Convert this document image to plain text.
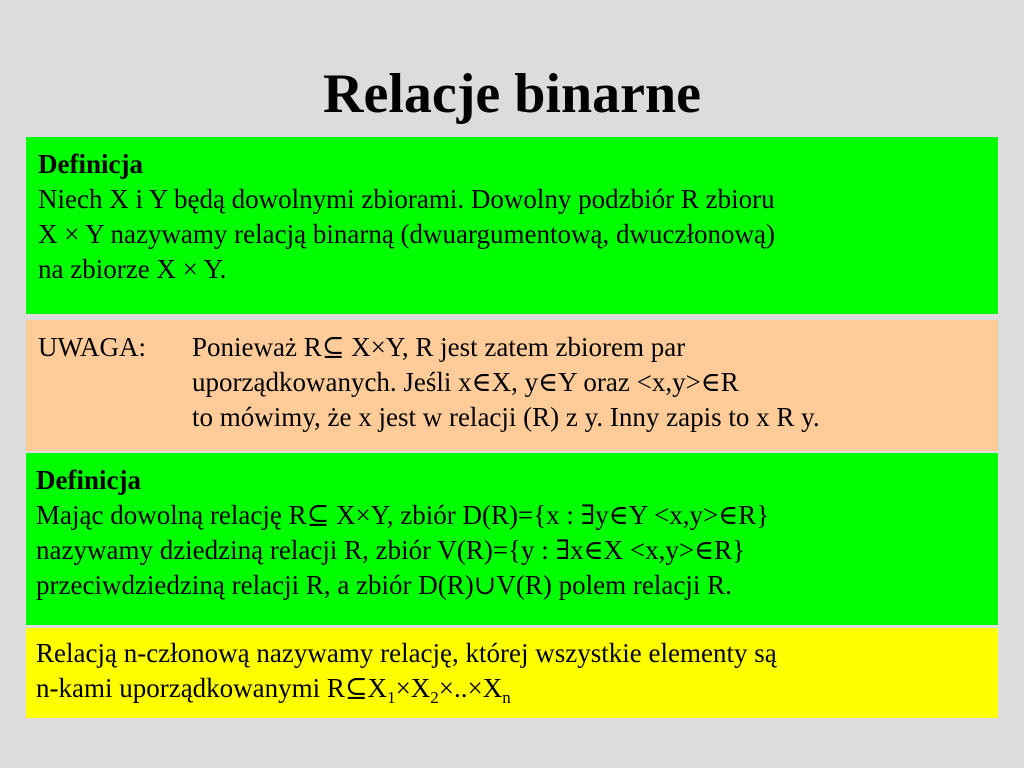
Relacje binarne
Definicja
Niech X i Y będą dowolnymi zbiorami. Dowolny podzbiór R zbioru
X × Y nazywamy relacją binarną (dwuargumentową, dwuczłonową)
na zbiorze X × Y.
UWAGA:	Ponieważ R⊆ X×Y, R jest zatem zbiorem par
uporządkowanych. Jeśli x∈X, y∈Y oraz <x,y>∈R
to mówimy, że x jest w relacji (R) z y. Inny zapis to x R y.
Definicja
Mając dowolną relację R⊆ X×Y, zbiór D(R)={x : ∃y∈Y <x,y>∈R}
nazywamy dziedziną relacji R, zbiór V(R)={y : ∃x∈X <x,y>∈R}
przeciwdziedziną relacji R, a zbiór D(R)∪V(R) polem relacji R.
Relacją n-członową nazywamy relację, której wszystkie elementy są
n-kami uporządkowanymi $R⊆X_1\times X_2\times..\times X_n$
